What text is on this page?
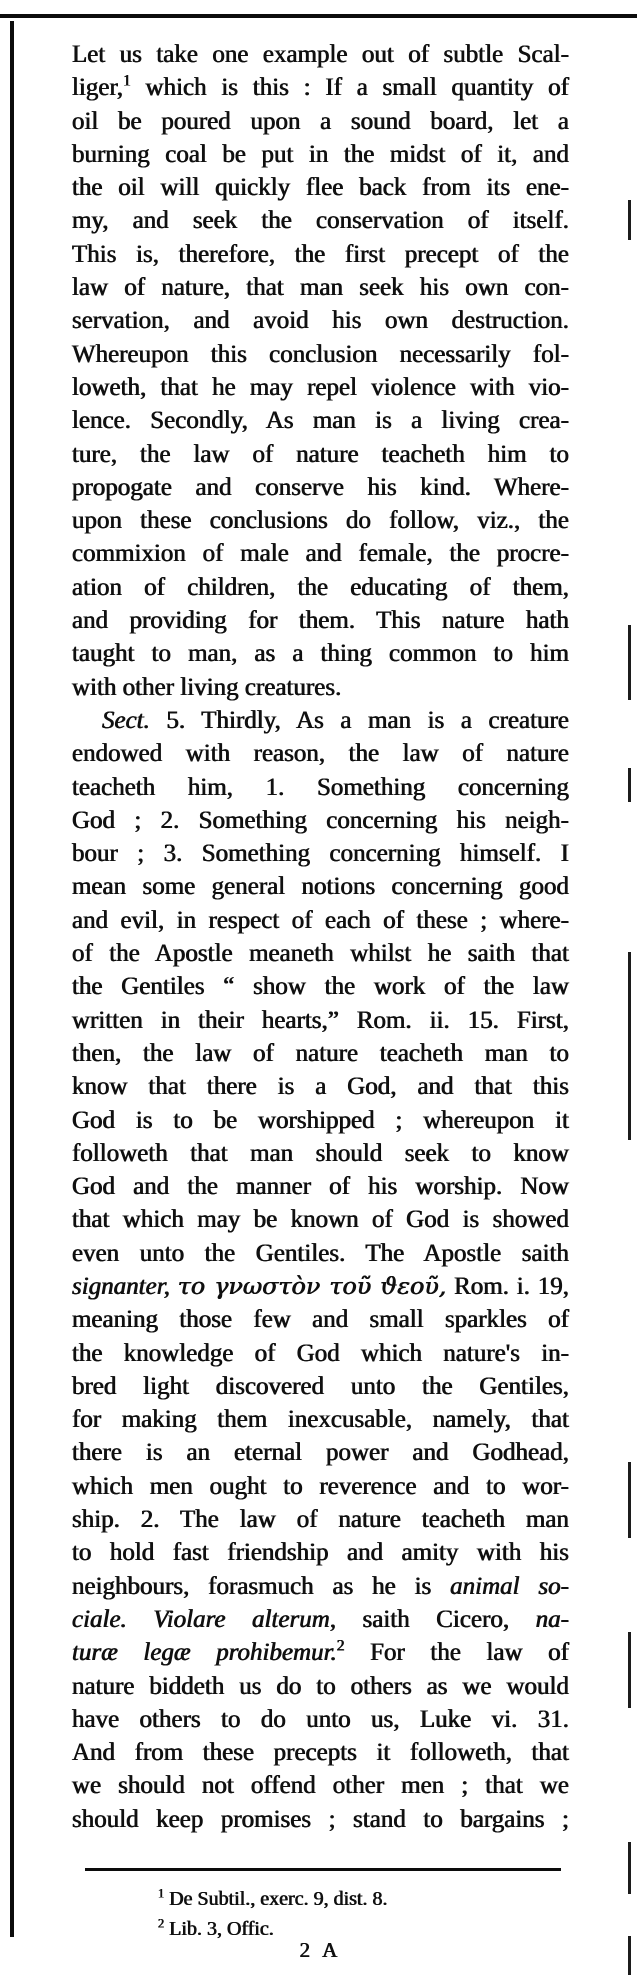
Let us take one example out of subtle Scal-
liger,$^1$ which is this : If a small quantity of
oil be poured upon a sound board, let a
burning coal be put in the midst of it, and
the oil will quickly flee back from its ene-
my, and seek the conservation of itself.
This is, therefore, the first precept of the
law of nature, that man seek his own con-
servation, and avoid his own destruction.
Whereupon this conclusion necessarily fol-
loweth, that he may repel violence with vio-
lence. Secondly, As man is a living crea-
ture, the law of nature teacheth him to
propogate and conserve his kind. Where-
upon these conclusions do follow, viz., the
commixion of male and female, the procre-
ation of children, the educating of them,
and providing for them. This nature hath
taught to man, as a thing common to him
with other living creatures.
Sect. 5. Thirdly, As a man is a creature
endowed with reason, the law of nature
teacheth him, 1. Something concerning
God ; 2. Something concerning his neigh-
bour ; 3. Something concerning himself. I
mean some general notions concerning good
and evil, in respect of each of these ; where-
of the Apostle meaneth whilst he saith that
the Gentiles “ show the work of the law
written in their hearts,” Rom. ii. 15. First,
then, the law of nature teacheth man to
know that there is a God, and that this
God is to be worshipped ; whereupon it
followeth that man should seek to know
God and the manner of his worship. Now
that which may be known of God is showed
even unto the Gentiles. The Apostle saith
signanter, το γνωστὸν τοῦ ϑεοῦ, Rom. i. 19,
meaning those few and small sparkles of
the knowledge of God which nature's in-
bred light discovered unto the Gentiles,
for making them inexcusable, namely, that
there is an eternal power and Godhead,
which men ought to reverence and to wor-
ship. 2. The law of nature teacheth man
to hold fast friendship and amity with his
neighbours, forasmuch as he is animal so-
ciale. Violare alterum, saith Cicero, na-
turæ legæ prohibemur.$^2$ For the law of
nature biddeth us do to others as we would
have others to do unto us, Luke vi. 31.
And from these precepts it followeth, that
we should not offend other men ; that we
should keep promises ; stand to bargains ;
$^1$ De Subtil., exerc. 9, dist. 8.
$^2$ Lib. 3, Offic.
2 A
